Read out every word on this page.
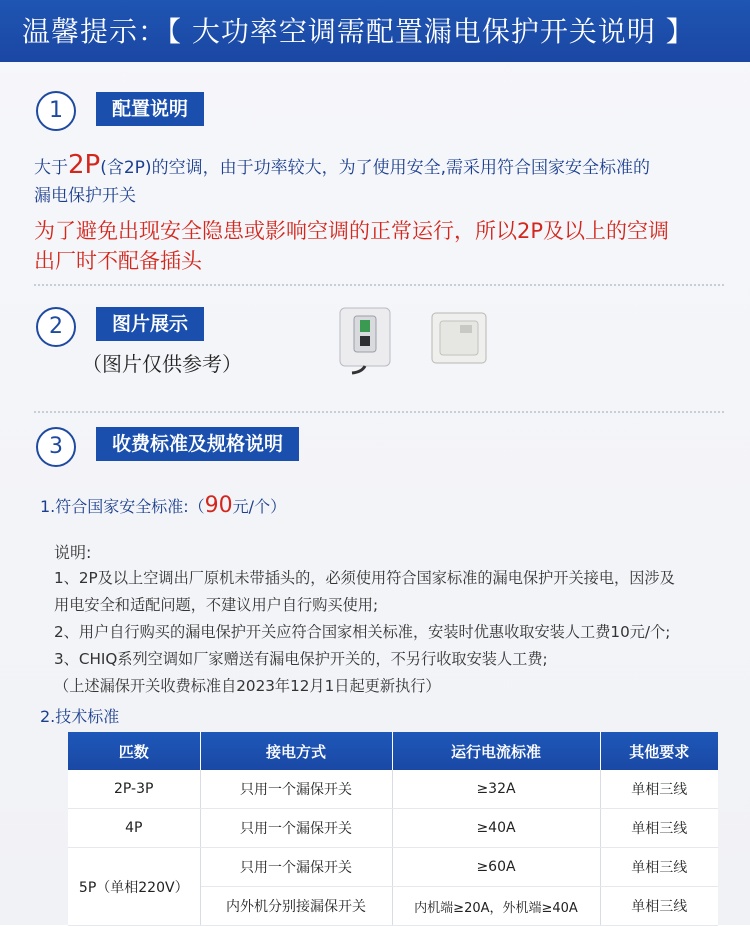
温馨提示：【 大功率空调需配置漏电保护开关说明 】
1	配置说明
大于2P(含2P)的空调，由于功率较大，为了使用安全,需采用符合国家安全标准的
漏电保护开关
为了避免出现安全隐患或影响空调的正常运行，所以2P及以上的空调
出厂时不配备插头
2	图片展示
（图片仅供参考）
3	收费标准及规格说明
1.符合国家安全标准:（90元/个）
说明:
1、2P及以上空调出厂原机未带插头的，必须使用符合国家标准的漏电保护开关接电，因涉及
用电安全和适配问题，不建议用户自行购买使用;
2、用户自行购买的漏电保护开关应符合国家相关标准，安装时优惠收取安装人工费10元/个;
3、CHIQ系列空调如厂家赠送有漏电保护开关的，不另行收取安装人工费;
（上述漏保开关收费标准自2023年12月1日起更新执行）
2.技术标准
匹数	接电方式	运行电流标准	其他要求
2P-3P	只用一个漏保开关	≥32A	单相三线
4P	只用一个漏保开关	≥40A	单相三线
5P（单相220V）	只用一个漏保开关	≥60A	单相三线
	内外机分别接漏保开关	内机端≥20A，外机端≥40A	单相三线
